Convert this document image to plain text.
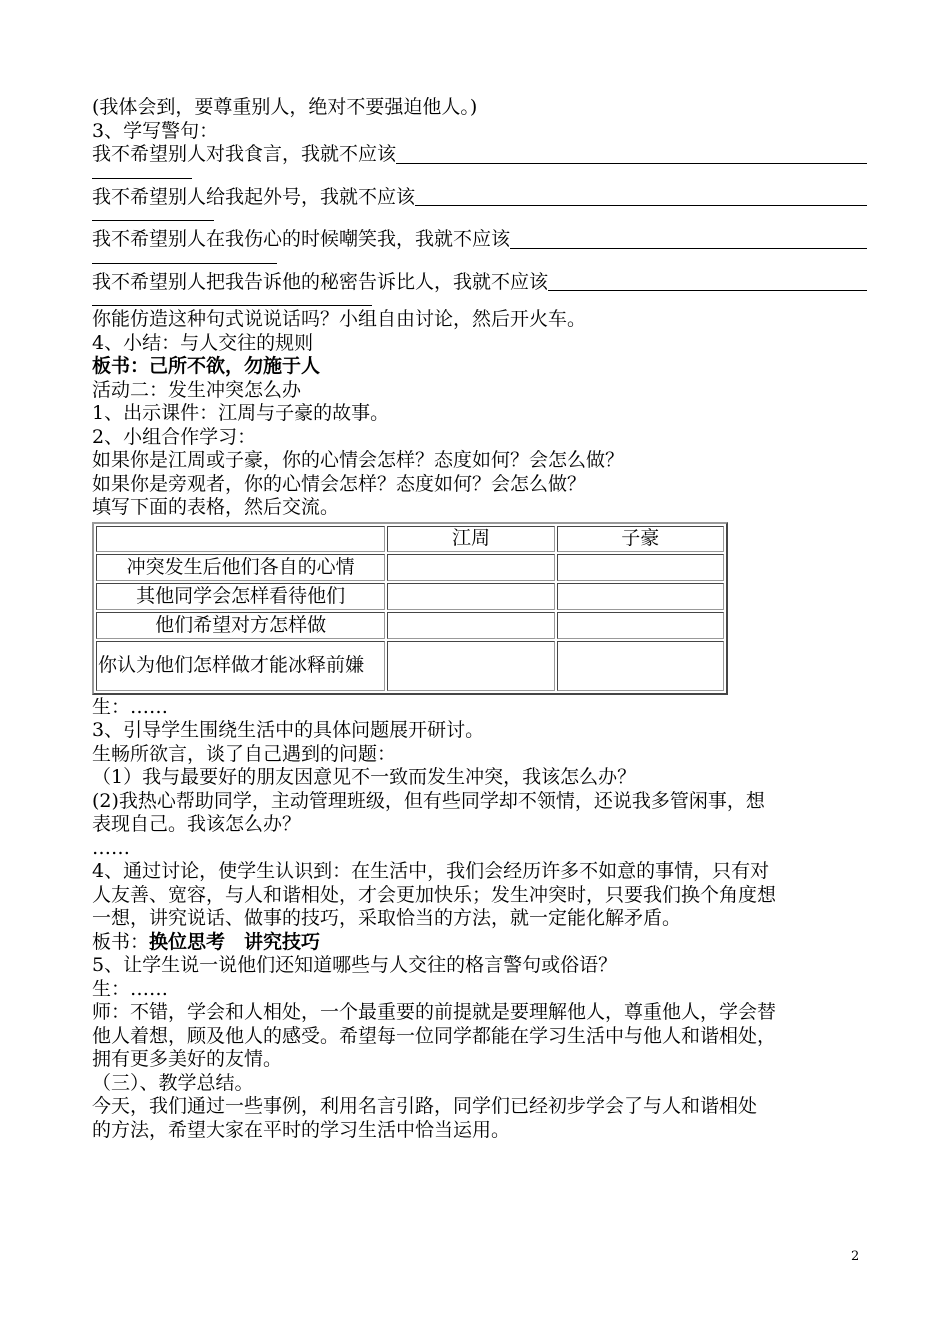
(我体会到，要尊重别人，绝对不要强迫他人。)
3、学写警句：
我不希望别人对我食言，我就不应该
我不希望别人给我起外号，我就不应该
我不希望别人在我伤心的时候嘲笑我，我就不应该
我不希望别人把我告诉他的秘密告诉比人，我就不应该
你能仿造这种句式说说话吗？小组自由讨论，然后开火车。
4、小结：与人交往的规则
板书：己所不欲，勿施于人
活动二：发生冲突怎么办
1、出示课件：江周与子豪的故事。
2、小组合作学习：
如果你是江周或子豪，你的心情会怎样？态度如何？会怎么做？
如果你是旁观者，你的心情会怎样？态度如何？会怎么做？
填写下面的表格，然后交流。
	江周	子豪
冲突发生后他们各自的心情		
其他同学会怎样看待他们		
他们希望对方怎样做		
你认为他们怎样做才能冰释前嫌		
生：……
3、引导学生围绕生活中的具体问题展开研讨。
生畅所欲言，谈了自己遇到的问题：
（1）我与最要好的朋友因意见不一致而发生冲突，我该怎么办？
(2)我热心帮助同学，主动管理班级，但有些同学却不领情，还说我多管闲事，想
表现自己。我该怎么办？
……
4、通过讨论，使学生认识到：在生活中，我们会经历许多不如意的事情，只有对
人友善、宽容，与人和谐相处，才会更加快乐；发生冲突时，只要我们换个角度想
一想，讲究说话、做事的技巧，采取恰当的方法，就一定能化解矛盾。
板书：换位思考　讲究技巧
5、让学生说一说他们还知道哪些与人交往的格言警句或俗语？
生：……
师：不错，学会和人相处，一个最重要的前提就是要理解他人，尊重他人，学会替
他人着想，顾及他人的感受。希望每一位同学都能在学习生活中与他人和谐相处，
拥有更多美好的友情。
（三）、教学总结。
今天，我们通过一些事例，利用名言引路，同学们已经初步学会了与人和谐相处
的方法，希望大家在平时的学习生活中恰当运用。
2
